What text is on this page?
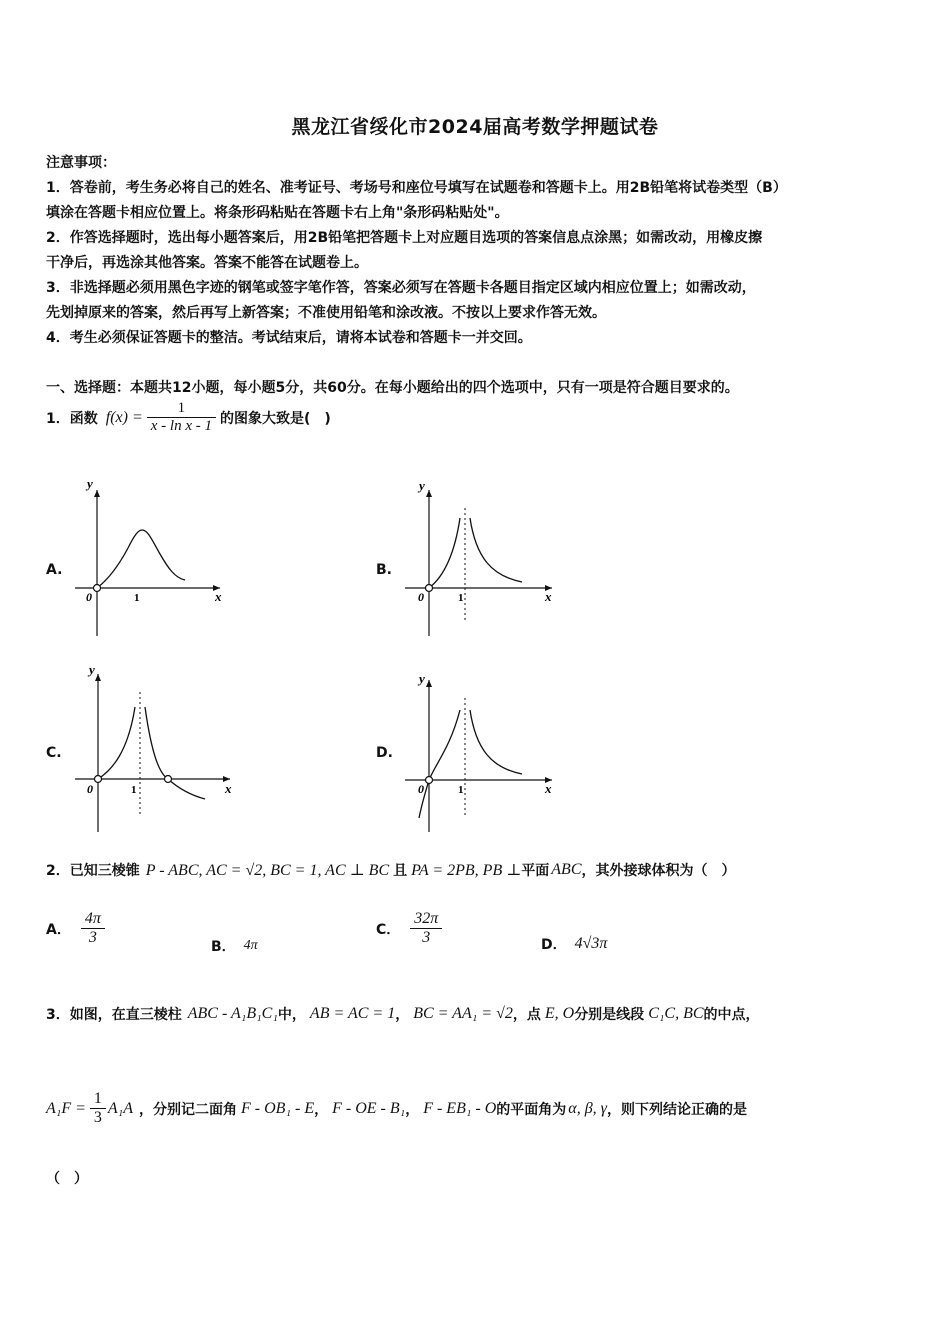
黑龙江省绥化市2024届高考数学押题试卷
注意事项：
1．答卷前，考生务必将自己的姓名、准考证号、考场号和座位号填写在试题卷和答题卡上。用2B铅笔将试卷类型（B）
填涂在答题卡相应位置上。将条形码粘贴在答题卡右上角"条形码粘贴处"。
2．作答选择题时，选出每小题答案后，用2B铅笔把答题卡上对应题目选项的答案信息点涂黑；如需改动，用橡皮擦
干净后，再选涂其他答案。答案不能答在试题卷上。
3．非选择题必须用黑色字迹的钢笔或签字笔作答，答案必须写在答题卡各题目指定区域内相应位置上；如需改动，
先划掉原来的答案，然后再写上新答案；不准使用铅笔和涂改液。不按以上要求作答无效。
4．考生必须保证答题卡的整洁。考试结束后，请将本试卷和答题卡一并交回。
一、选择题：本题共12小题，每小题5分，共60分。在每小题给出的四个选项中，只有一项是符合题目要求的。
1．函数 $f(x) = \frac{1}{\text{x - ln x - 1}}$ 的图象大致是(　)
A.	B.
C.	D.
y
x
0	1
y
x
0	1
y
x
0	1
y
x
0	1
2．已知三棱锥 P - ABC, AC = √2, BC = 1, AC ⊥ BC 且 PA = 2PB, PB ⊥ 平面 ABC ，其外接球体积为（　）
A． $\frac{4\pi}{3}$	B． 4π
C． $\frac{32\pi}{3}$	D． 4√3π
3．如图，在直三棱柱 ABC - A₁B₁C₁ 中， AB = AC = 1 ， BC = AA₁ = √2 ，点 E, O 分别是线段 C₁C, BC 的中点，
$A_1F = \frac{1}{3} A_1A$ ，分别记二面角 F - OB₁ - E ， F - OE - B₁ ， F - EB₁ - O 的平面角为 α, β, γ ，则下列结论正确的是
（　）
